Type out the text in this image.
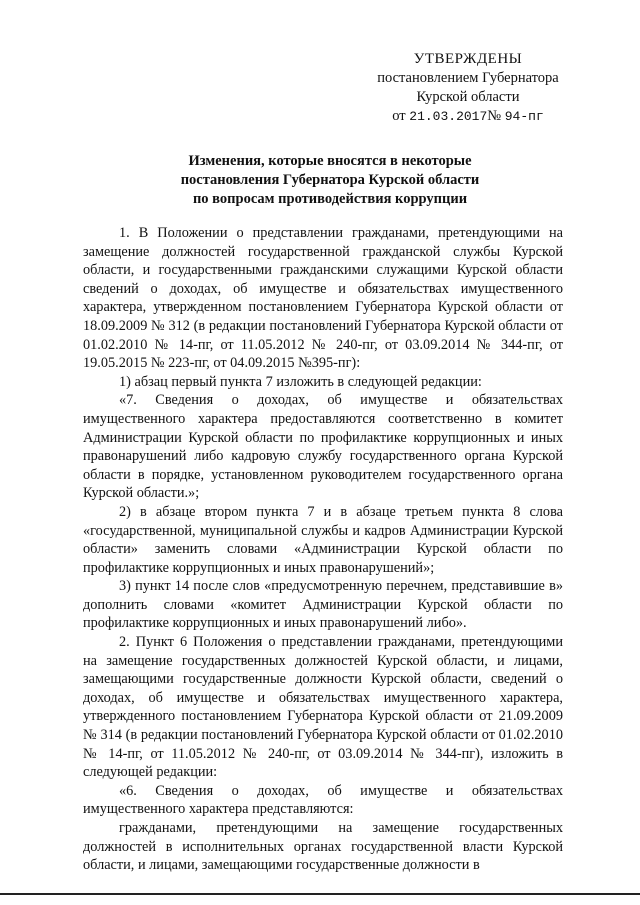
УТВЕРЖДЕНЫ
постановлением Губернатора
Курской области
от 21.03.2017№ 94-пг
Изменения, которые вносятся в некоторые
постановления Губернатора Курской области
по вопросам противодействия коррупции

1. В Положении о представлении гражданами, претендующими на замещение должностей государственной гражданской службы Курской области, и государственными гражданскими служащими Курской области сведений о доходах, об имуществе и обязательствах имущественного характера, утвержденном постановлением Губернатора Курской области от 18.09.2009 № 312 (в редакции постановлений Губернатора Курской области от 01.02.2010 № 14-пг, от 11.05.2012 № 240-пг, от 03.09.2014 № 344-пг, от 19.05.2015 № 223-пг, от 04.09.2015 №395-пг):

1) абзац первый пункта 7 изложить в следующей редакции:

«7. Сведения о доходах, об имуществе и обязательствах имущественного характера предоставляются соответственно в комитет Администрации Курской области по профилактике коррупционных и иных правонарушений либо кадровую службу государственного органа Курской области в порядке, установленном руководителем государственного органа Курской области.»;

2) в абзаце втором пункта 7 и в абзаце третьем пункта 8 слова «государственной, муниципальной службы и кадров Администрации Курской области» заменить словами «Администрации Курской области по профилактике коррупционных и иных правонарушений»;

3) пункт 14 после слов «предусмотренную перечнем, представившие в» дополнить словами «комитет Администрации Курской области по профилактике коррупционных и иных правонарушений либо».

2. Пункт 6 Положения о представлении гражданами, претендующими на замещение государственных должностей Курской области, и лицами, замещающими государственные должности Курской области, сведений о доходах, об имуществе и обязательствах имущественного характера, утвержденного постановлением Губернатора Курской области от 21.09.2009 № 314 (в редакции постановлений Губернатора Курской области от 01.02.2010 № 14-пг, от 11.05.2012 № 240-пг, от 03.09.2014 № 344-пг), изложить в следующей редакции:

«6. Сведения о доходах, об имуществе и обязательствах имущественного характера представляются:

гражданами, претендующими на замещение государственных должностей в исполнительных органах государственной власти Курской области, и лицами, замещающими государственные должности в
